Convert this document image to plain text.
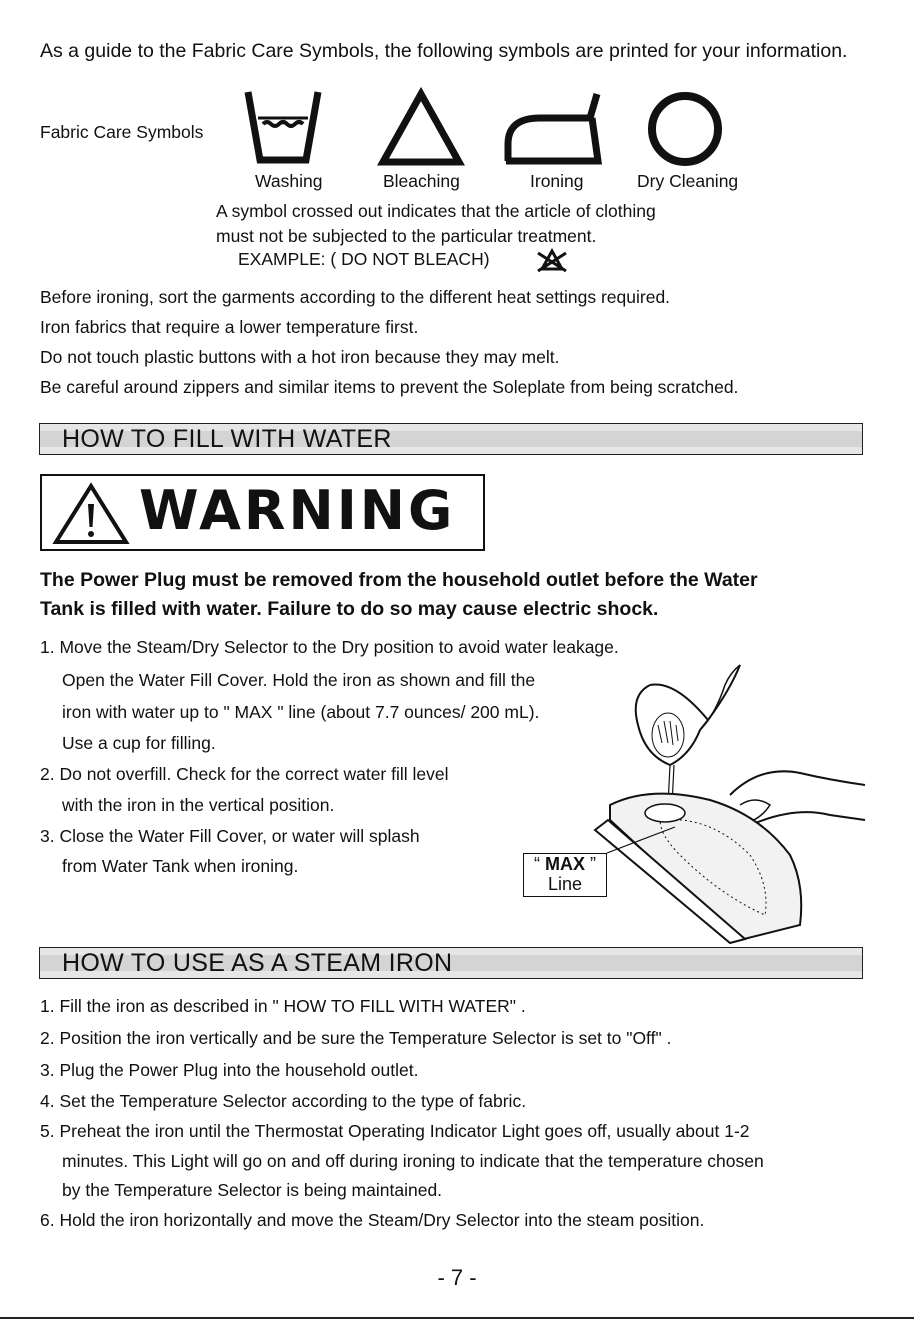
As a guide to the Fabric Care Symbols, the following symbols are printed for your information.
Fabric Care Symbols
Washing	Bleaching	Ironing	Dry Cleaning
A symbol crossed out indicates that the article of clothing
must not be subjected to the particular treatment.
EXAMPLE: ( DO NOT BLEACH)
Before ironing, sort the garments according to the different heat settings required.
Iron fabrics that require a lower temperature first.
Do not touch plastic buttons with a hot iron because they may melt.
Be careful around zippers and similar items to prevent the Soleplate from being scratched.
HOW TO FILL WITH WATER
WARNING
The Power Plug must be removed from the household outlet before the Water
Tank is filled with water. Failure to do so may cause electric shock.
1. Move the Steam/Dry Selector to the Dry position to avoid water leakage.
Open the Water Fill Cover. Hold the iron as shown and fill the
iron with water up to " MAX " line (about 7.7 ounces/ 200 mL).
Use a cup for filling.
2. Do not overfill. Check for the correct water fill level
with the iron in the vertical position.
3. Close the Water Fill Cover, or water will splash
from Water Tank when ironing.	“ MAX ”
Line
HOW TO USE AS A STEAM IRON
1. Fill the iron as described in " HOW TO FILL WITH WATER" .
2. Position the iron vertically and be sure the Temperature Selector is set to "Off" .
3. Plug the Power Plug into the household outlet.
4. Set the Temperature Selector according to the type of fabric.
5. Preheat the iron until the Thermostat Operating Indicator Light goes off, usually about 1-2
minutes. This Light will go on and off during ironing to indicate that the temperature chosen
by the Temperature Selector is being maintained.
6. Hold the iron horizontally and move the Steam/Dry Selector into the steam position.
- 7 -
